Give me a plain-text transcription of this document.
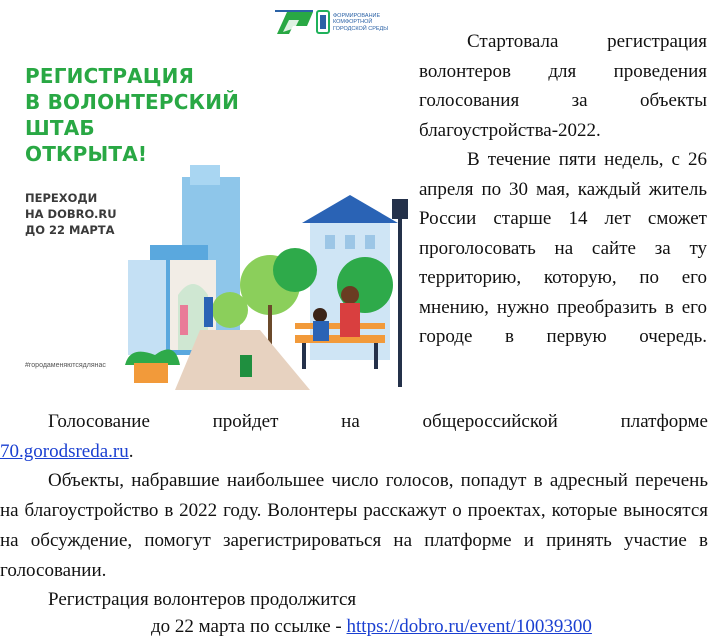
ФОРМИРОВАНИЕ
КОМФОРТНОЙ
ГОРОДСКОЙ СРЕДЫ
РЕГИСТРАЦИЯ
В ВОЛОНТЕРСКИЙ
ШТАБ
ОТКРЫТА!
ПЕРЕХОДИ
НА DOBRO.RU
ДО 22 МАРТА
#городаменяютсядлянас

Стартовала регистрация волонтеров для проведения голосования за объекты благоустройства-2022.

В течение пяти недель, с 26 апреля по 30 мая, каждый житель России старше 14 лет сможет проголосовать на сайте за ту территорию, которую, по его мнению, нужно преобразить в его городе в первую очередь.

Голосование	пройдет	на	общероссийской	платформе

70.gorodsreda.ru.

Объекты, набравшие наибольшее число голосов, попадут в адресный перечень на благоустройство в 2022 году. Волонтеры расскажут о проектах, которые выносятся на обсуждение, помогут зарегистрироваться на платформе и принять участие в голосовании.

Регистрация волонтеров продолжится

до 22 марта по ссылке - https://dobro.ru/event/10039300
